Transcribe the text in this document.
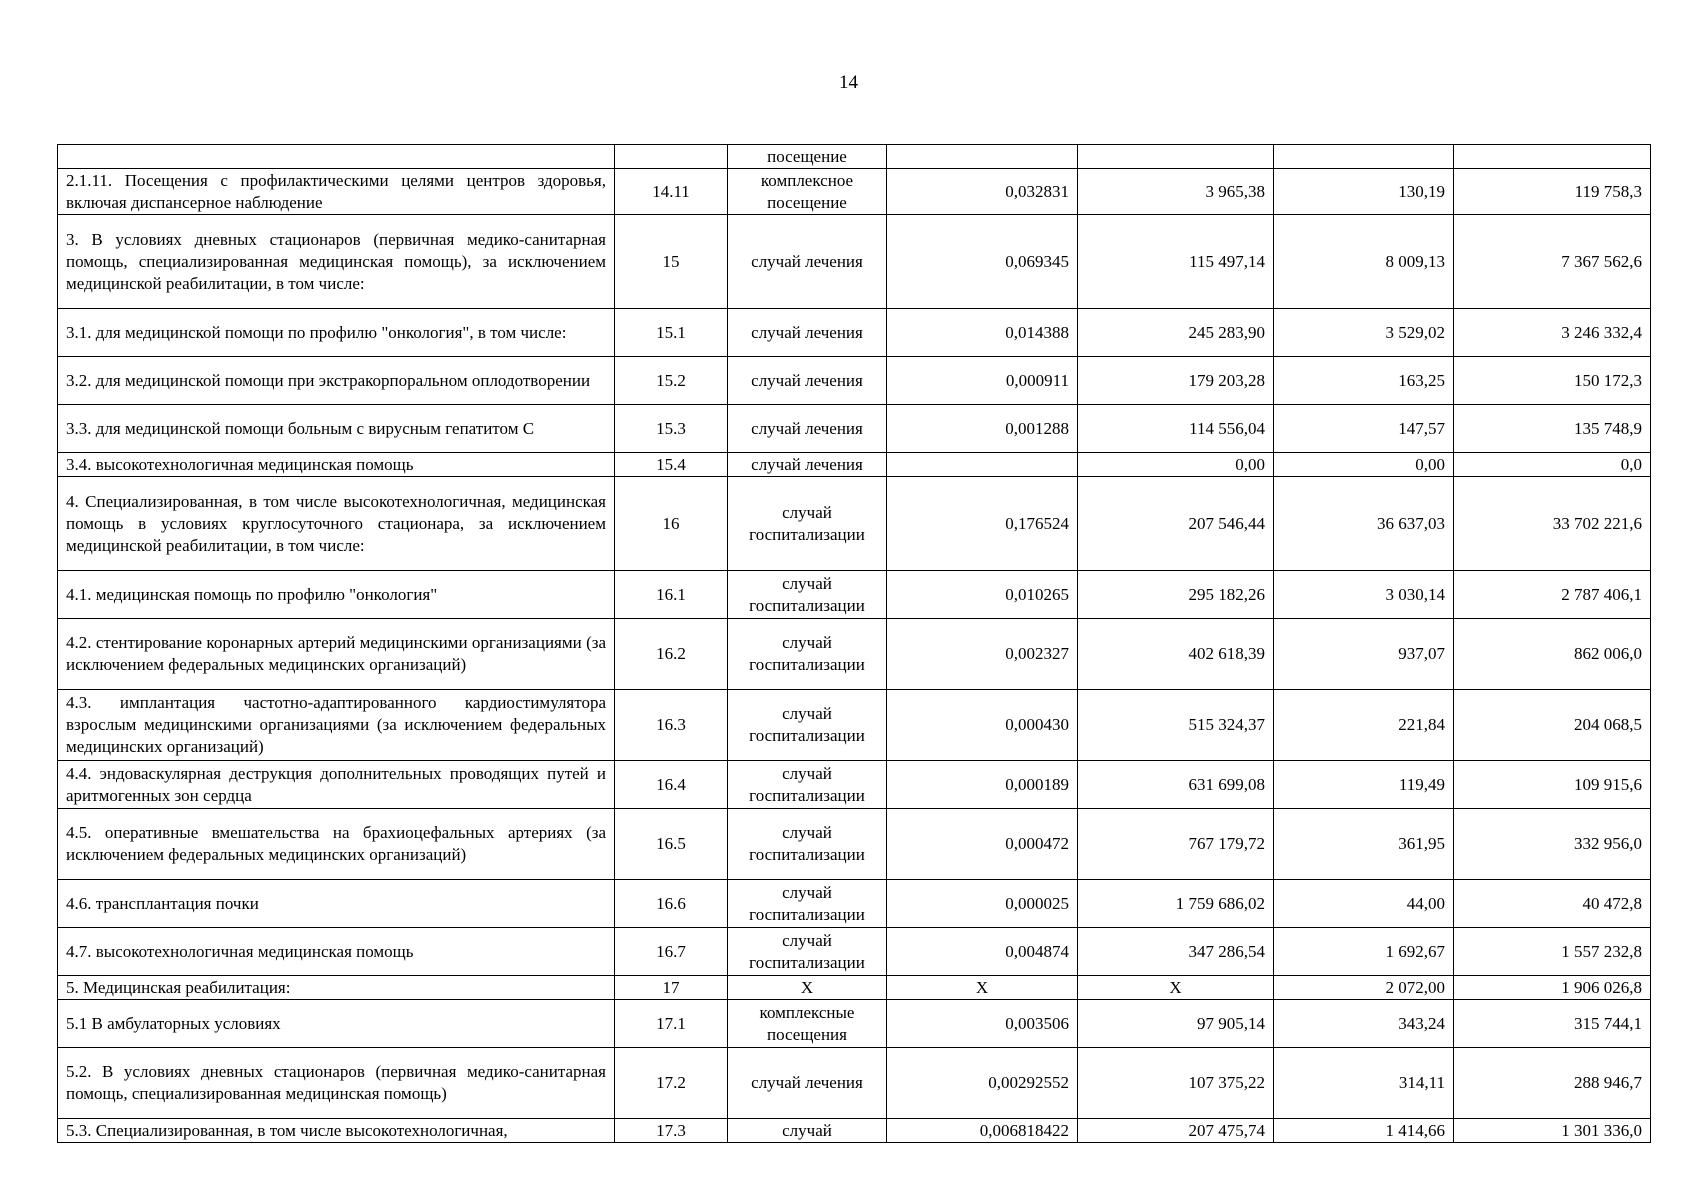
14
		посещение				
2.1.11. Посещения с профилактическими целями центров здоровья, включая диспансерное наблюдение	14.11	комплексное посещение	0,032831	3 965,38	130,19	119 758,3
3. В условиях дневных стационаров (первичная медико-санитарная помощь, специализированная медицинская помощь), за исключением медицинской реабилитации, в том числе:	15	случай лечения	0,069345	115 497,14	8 009,13	7 367 562,6
3.1. для медицинской помощи по профилю "онкология", в том числе:	15.1	случай лечения	0,014388	245 283,90	3 529,02	3 246 332,4
3.2. для медицинской помощи при экстракорпоральном оплодотворении	15.2	случай лечения	0,000911	179 203,28	163,25	150 172,3
3.3. для медицинской помощи больным с вирусным гепатитом С	15.3	случай лечения	0,001288	114 556,04	147,57	135 748,9
3.4. высокотехнологичная медицинская помощь	15.4	случай лечения		0,00	0,00	0,0
4. Специализированная, в том числе высокотехнологичная, медицинская помощь в условиях круглосуточного стационара, за исключением медицинской реабилитации, в том числе:	16	случай госпитализации	0,176524	207 546,44	36 637,03	33 702 221,6
4.1. медицинская помощь по профилю "онкология"	16.1	случай госпитализации	0,010265	295 182,26	3 030,14	2 787 406,1
4.2. стентирование коронарных артерий медицинскими организациями (за исключением федеральных медицинских организаций)	16.2	случай госпитализации	0,002327	402 618,39	937,07	862 006,0
4.3. имплантация частотно-адаптированного кардиостимулятора взрослым медицинскими организациями (за исключением федеральных медицинских организаций)	16.3	случай госпитализации	0,000430	515 324,37	221,84	204 068,5
4.4. эндоваскулярная деструкция дополнительных проводящих путей и аритмогенных зон сердца	16.4	случай госпитализации	0,000189	631 699,08	119,49	109 915,6
4.5. оперативные вмешательства на брахиоцефальных артериях (за исключением федеральных медицинских организаций)	16.5	случай госпитализации	0,000472	767 179,72	361,95	332 956,0
4.6. трансплантация почки	16.6	случай госпитализации	0,000025	1 759 686,02	44,00	40 472,8
4.7. высокотехнологичная медицинская помощь	16.7	случай госпитализации	0,004874	347 286,54	1 692,67	1 557 232,8
5. Медицинская реабилитация:	17	Х	Х	Х	2 072,00	1 906 026,8
5.1 В амбулаторных условиях	17.1	комплексные посещения	0,003506	97 905,14	343,24	315 744,1
5.2. В условиях дневных стационаров (первичная медико-санитарная помощь, специализированная медицинская помощь)	17.2	случай лечения	0,00292552	107 375,22	314,11	288 946,7
5.3. Специализированная, в том числе высокотехнологичная,	17.3	случай	0,006818422	207 475,74	1 414,66	1 301 336,0
